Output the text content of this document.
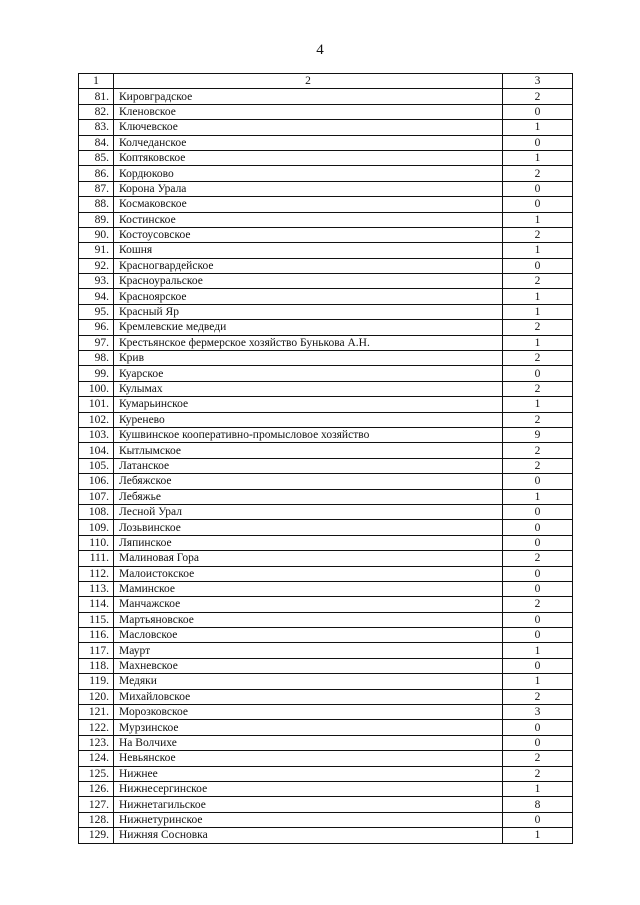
4
1	2	3
81.	Кировградское	2
82.	Кленовское	0
83.	Ключевское	1
84.	Колчеданское	0
85.	Коптяковское	1
86.	Кордюково	2
87.	Корона Урала	0
88.	Космаковское	0
89.	Костинское	1
90.	Костоусовское	2
91.	Кошня	1
92.	Красногвардейское	0
93.	Красноуральское	2
94.	Красноярское	1
95.	Красный Яр	1
96.	Кремлевские медведи	2
97.	Крестьянское фермерское хозяйство Бунькова А.Н.	1
98.	Крив	2
99.	Куарское	0
100.	Кулымах	2
101.	Кумарьинское	1
102.	Куренево	2
103.	Кушвинское кооперативно-промысловое хозяйство	9
104.	Кытлымское	2
105.	Латанское	2
106.	Лебяжское	0
107.	Лебяжье	1
108.	Лесной Урал	0
109.	Лозьвинское	0
110.	Ляпинское	0
111.	Малиновая Гора	2
112.	Малоистокское	0
113.	Маминское	0
114.	Манчажское	2
115.	Мартьяновское	0
116.	Масловское	0
117.	Маурт	1
118.	Махневское	0
119.	Медяки	1
120.	Михайловское	2
121.	Морозковское	3
122.	Мурзинское	0
123.	На Волчихе	0
124.	Невьянское	2
125.	Нижнее	2
126.	Нижнесергинское	1
127.	Нижнетагильское	8
128.	Нижнетуринское	0
129.	Нижняя Сосновка	1
